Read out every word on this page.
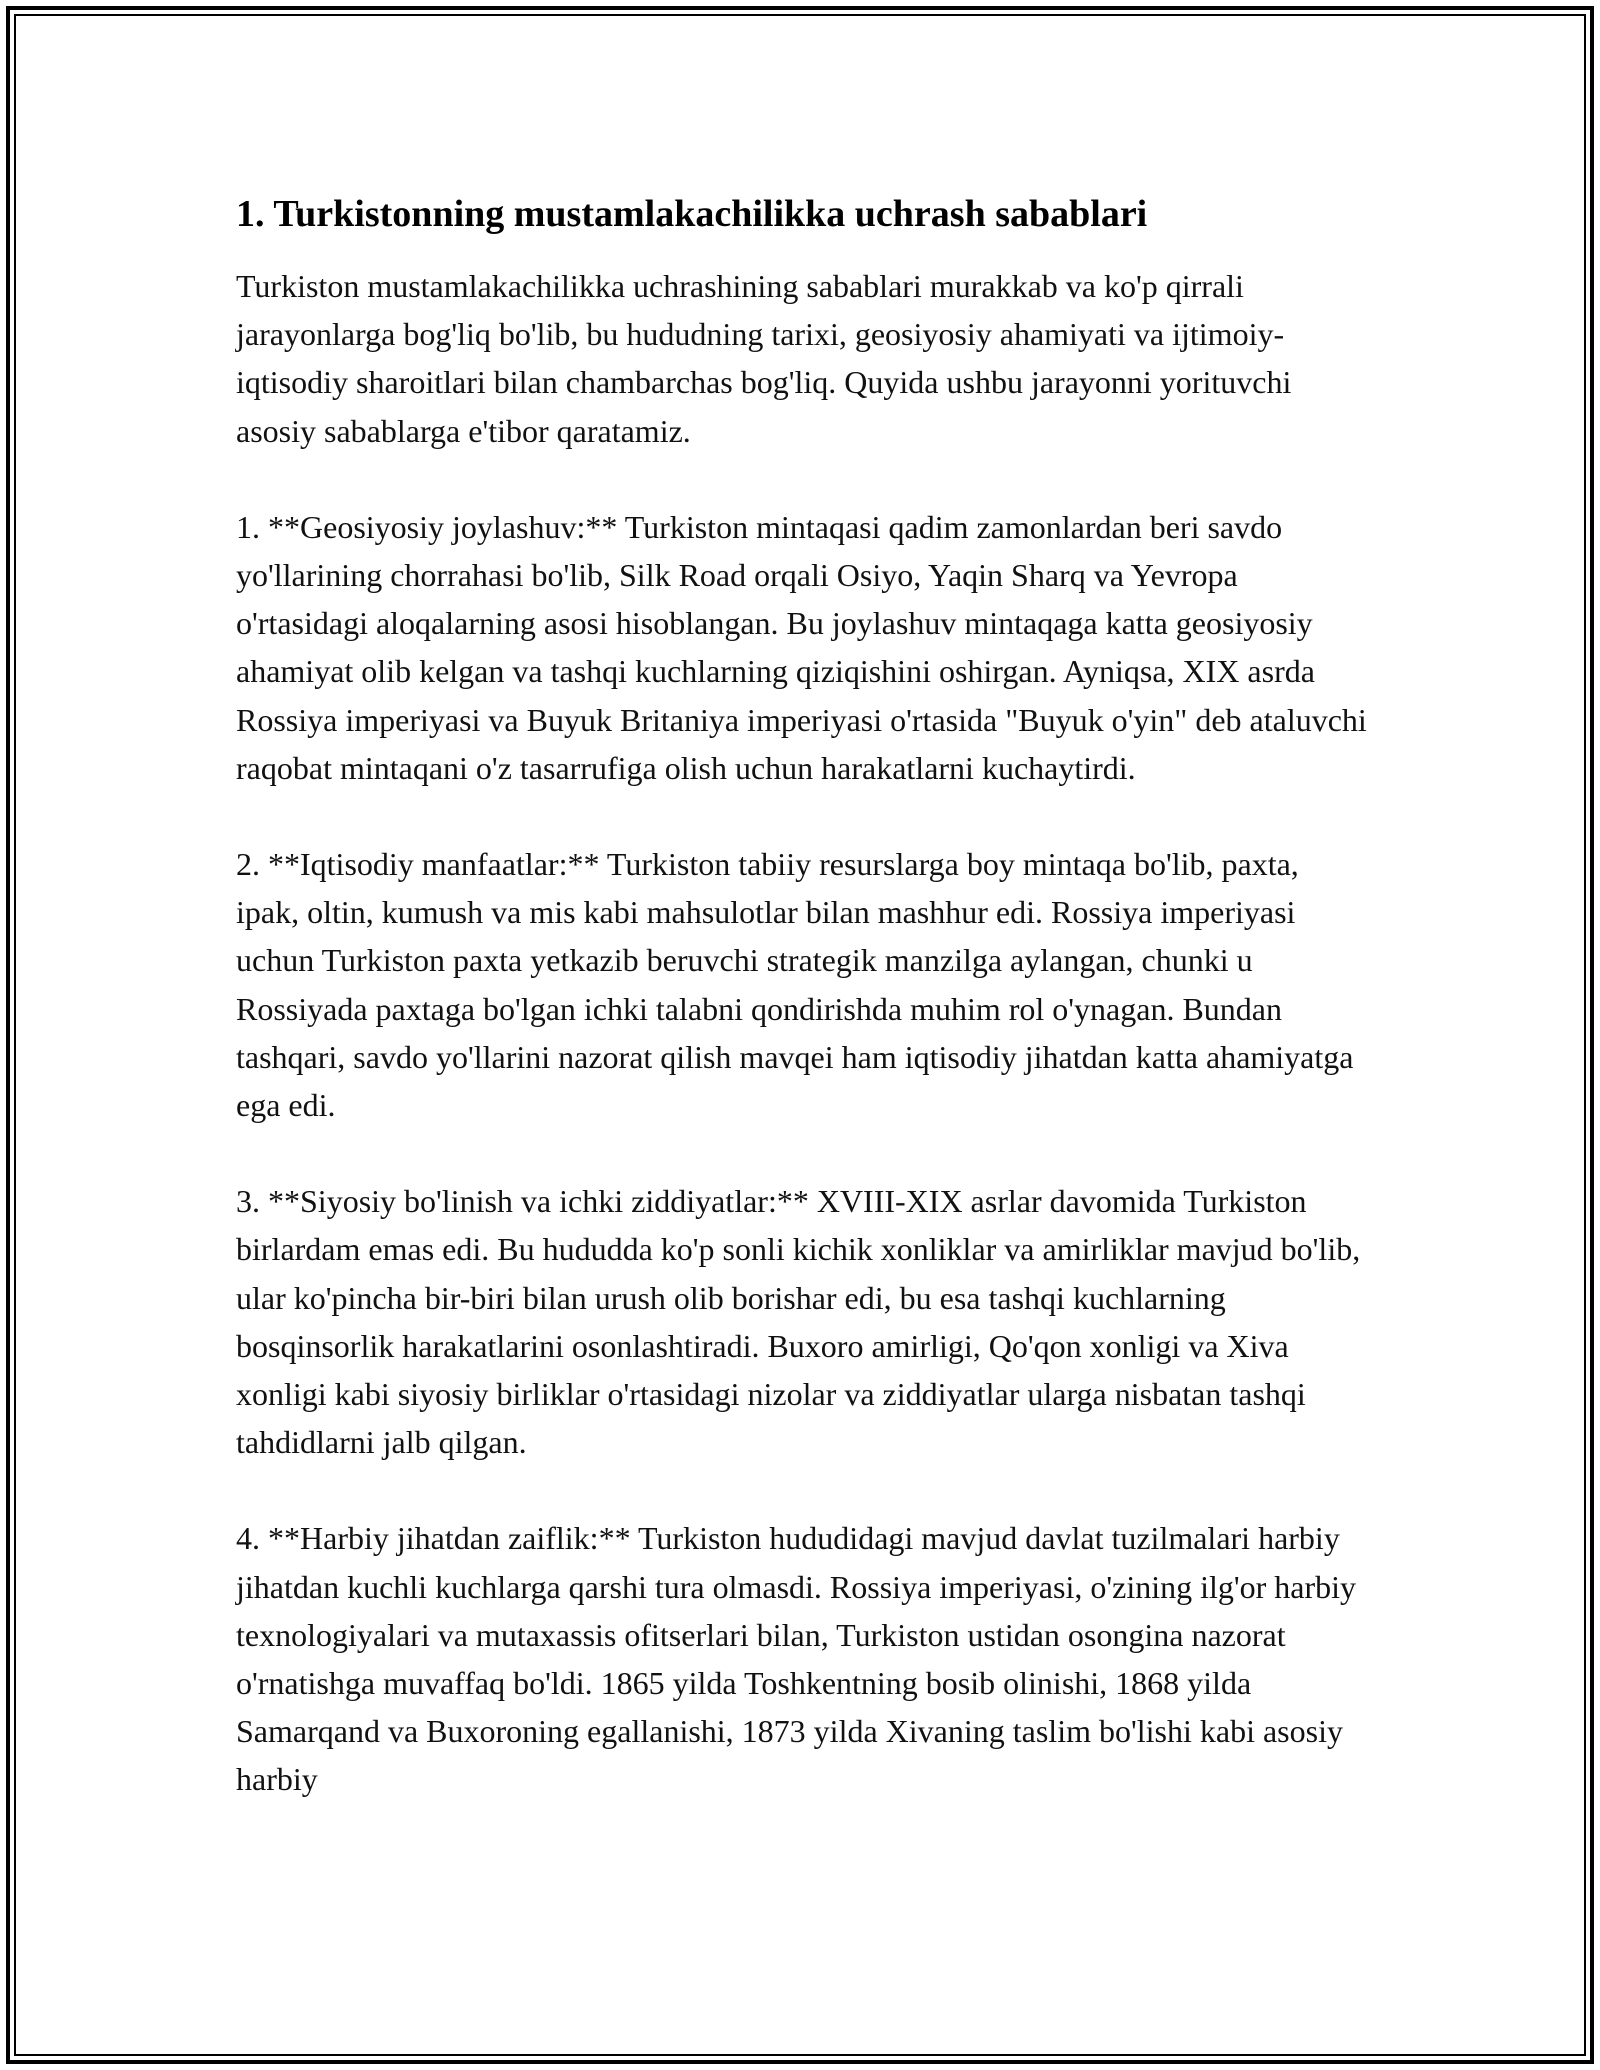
1. Turkistonning mustamlakachilikka uchrash sabablari

Turkiston mustamlakachilikka uchrashining sabablari murakkab va ko'p qirrali jarayonlarga bog'liq bo'lib, bu hududning tarixi, geosiyosiy ahamiyati va ijtimoiy-iqtisodiy sharoitlari bilan chambarchas bog'liq. Quyida ushbu jarayonni yorituvchi asosiy sabablarga e'tibor qaratamiz.

1. **Geosiyosiy joylashuv:** Turkiston mintaqasi qadim zamonlardan beri savdo yo'llarining chorrahasi bo'lib, Silk Road orqali Osiyo, Yaqin Sharq va Yevropa o'rtasidagi aloqalarning asosi hisoblangan. Bu joylashuv mintaqaga katta geosiyosiy ahamiyat olib kelgan va tashqi kuchlarning qiziqishini oshirgan. Ayniqsa, XIX asrda Rossiya imperiyasi va Buyuk Britaniya imperiyasi o'rtasida "Buyuk o'yin" deb ataluvchi raqobat mintaqani o'z tasarrufiga olish uchun harakatlarni kuchaytirdi.

2. **Iqtisodiy manfaatlar:** Turkiston tabiiy resurslarga boy mintaqa bo'lib, paxta, ipak, oltin, kumush va mis kabi mahsulotlar bilan mashhur edi. Rossiya imperiyasi uchun Turkiston paxta yetkazib beruvchi strategik manzilga aylangan, chunki u Rossiyada paxtaga bo'lgan ichki talabni qondirishda muhim rol o'ynagan. Bundan tashqari, savdo yo'llarini nazorat qilish mavqei ham iqtisodiy jihatdan katta ahamiyatga ega edi.

3. **Siyosiy bo'linish va ichki ziddiyatlar:** XVIII-XIX asrlar davomida Turkiston birlardam emas edi. Bu hududda ko'p sonli kichik xonliklar va amirliklar mavjud bo'lib, ular ko'pincha bir-biri bilan urush olib borishar edi, bu esa tashqi kuchlarning bosqinsorlik harakatlarini osonlashtiradi. Buxoro amirligi, Qo'qon xonligi va Xiva xonligi kabi siyosiy birliklar o'rtasidagi nizolar va ziddiyatlar ularga nisbatan tashqi tahdidlarni jalb qilgan.

4. **Harbiy jihatdan zaiflik:** Turkiston hududidagi mavjud davlat tuzilmalari harbiy jihatdan kuchli kuchlarga qarshi tura olmasdi. Rossiya imperiyasi, o'zining ilg'or harbiy texnologiyalari va mutaxassis ofitserlari bilan, Turkiston ustidan osongina nazorat o'rnatishga muvaffaq bo'ldi. 1865 yilda Toshkentning bosib olinishi, 1868 yilda Samarqand va Buxoroning egallanishi, 1873 yilda Xivaning taslim bo'lishi kabi asosiy harbiy
